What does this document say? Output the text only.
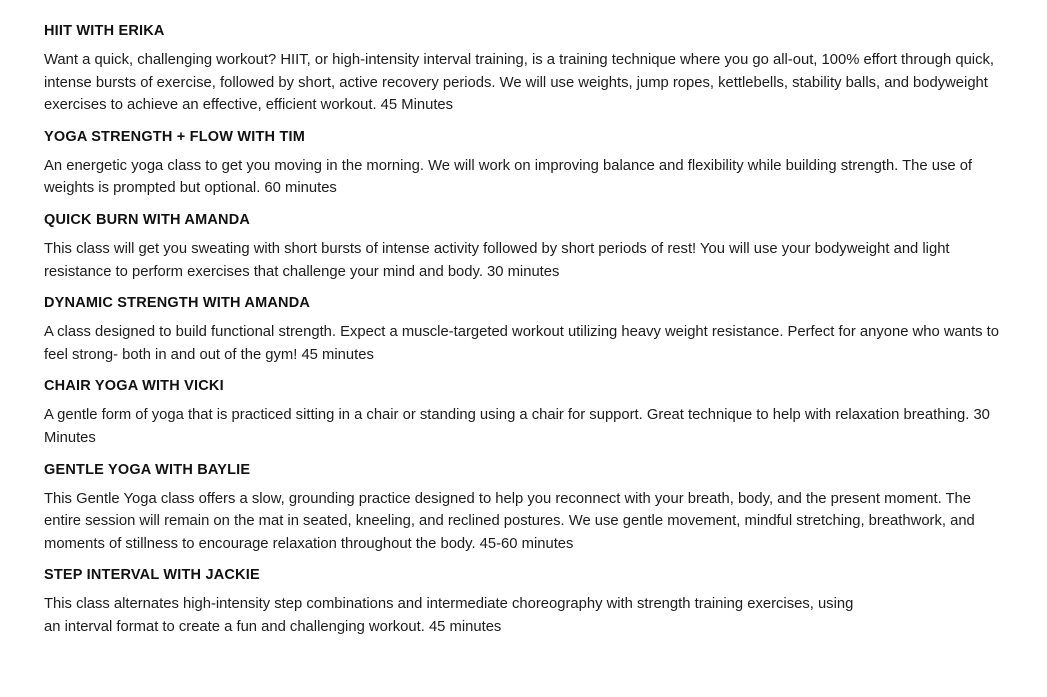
HIIT WITH ERIKA

Want a quick, challenging workout? HIIT, or high-intensity interval training, is a training technique where you go all-out, 100% effort through quick, intense bursts of exercise, followed by short, active recovery periods. We will use weights, jump ropes, kettlebells, stability balls, and bodyweight exercises to achieve an effective, efficient workout. 45 Minutes

YOGA STRENGTH + FLOW WITH TIM

An energetic yoga class to get you moving in the morning. We will work on improving balance and flexibility while building strength. The use of weights is prompted but optional. 60 minutes

QUICK BURN WITH AMANDA

This class will get you sweating with short bursts of intense activity followed by short periods of rest! You will use your bodyweight and light resistance to perform exercises that challenge your mind and body. 30 minutes

DYNAMIC STRENGTH WITH AMANDA

A class designed to build functional strength. Expect a muscle-targeted workout utilizing heavy weight resistance. Perfect for anyone who wants to feel strong- both in and out of the gym! 45 minutes

CHAIR YOGA WITH VICKI

A gentle form of yoga that is practiced sitting in a chair or standing using a chair for support. Great technique to help with relaxation breathing. 30 Minutes

GENTLE YOGA WITH BAYLIE

This Gentle Yoga class offers a slow, grounding practice designed to help you reconnect with your breath, body, and the present moment. The entire session will remain on the mat in seated, kneeling, and reclined postures. We use gentle movement, mindful stretching, breathwork, and moments of stillness to encourage relaxation throughout the body. 45-60 minutes

STEP INTERVAL WITH JACKIE

This class alternates high-intensity step combinations and intermediate choreography with strength training exercises, using
an interval format to create a fun and challenging workout. 45 minutes
